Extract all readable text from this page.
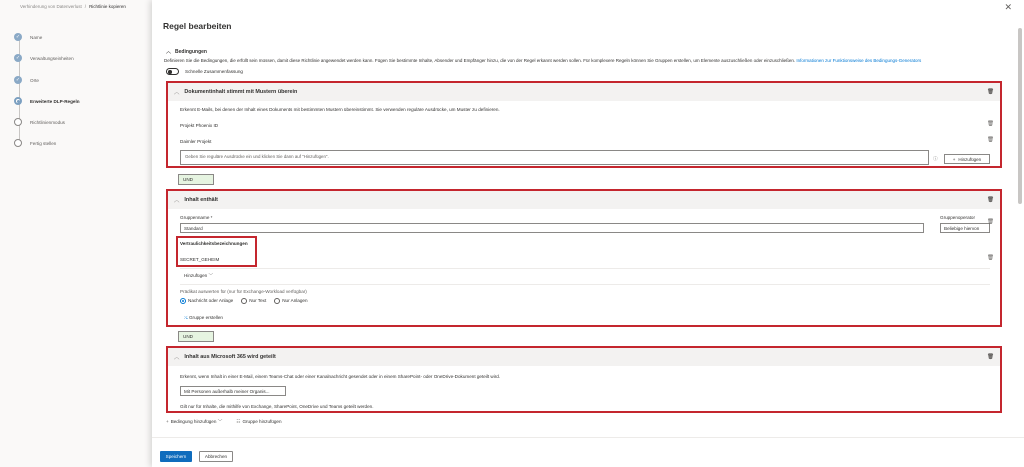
Verhinderung von Datenverlust / Richtlinie kopieren
✓	Name
✓	Verwaltungseinheiten
✓	Orte
Erweiterte DLP-Regeln
Richtlinienmodus
Fertig stellen
✕
Regel bearbeiten
︿ Bedingungen
Definieren Sie die Bedingungen, die erfüllt sein müssen, damit diese Richtlinie angewendet werden kann. Fügen Sie bestimmte Inhalte, Absender und Empfänger hinzu, die von der Regel erkannt werden sollen. Für komplexere Regeln können Sie Gruppen erstellen, um Elemente auszuschließen oder einzuschließen. Informationen zur Funktionsweise des Bedingungs-Generators
Schnelle Zusammenfassung
︿ Dokumentinhalt stimmt mit Mustern überein	🗑
Erkennt E-Mails, bei denen der Inhalt eines Dokuments mit bestimmten Mustern übereinstimmt. Sie verwenden reguläre Ausdrücke, um Muster zu definieren.
Projekt Phoenix ID	🗑
Daimler Projekt	🗑
Geben Sie reguläre Ausdrücke ein und klicken Sie dann auf "Hinzufügen".	ⓘ	+ Hinzufügen
UND
︿ Inhalt enthält	🗑
Gruppenname *
Standard
Gruppenoperator
Beliebige hiervon
🗑
Vertraulichkeitsbezeichnungen
SECRET_GEHEIM	🗑
Hinzufügen ﹀
Prädikat auswerten für (nur für Exchange-Workload verfügbar)
Nachricht oder Anlage	Nur Text	Nur Anlagen
⤯ Gruppe erstellen
UND
︿ Inhalt aus Microsoft 365 wird geteilt	🗑
Erkennt, wenn Inhalt in einer E-Mail, einem Teams-Chat oder einer Kanalnachricht gesendet oder in einem SharePoint- oder OneDrive-Dokument geteilt wird.
Mit Personen außerhalb meiner Organis...
Gilt nur für Inhalte, die mithilfe von Exchange, SharePoint, OneDrive und Teams geteilt werden.
+ Bedingung hinzufügen ﹀	☷ Gruppe hinzufügen
Speichern	Abbrechen
